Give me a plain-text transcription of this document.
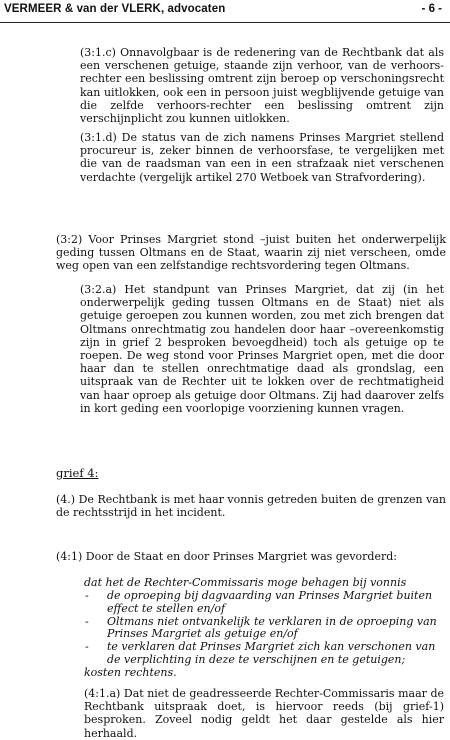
VERMEER & van der VLERK, advocaten	- 6 -

(3:1.c) Onnavolgbaar is de redenering van de Rechtbank dat als een verschenen getuige, staande zijn verhoor, van de verhoors-rechter een beslissing omtrent zijn beroep op verschoningsrecht kan uitlokken, ook een in persoon juist wegblijvende getuige van die zelfde verhoors-rechter een beslissing omtrent zijn verschijnplicht zou kunnen uitlokken.

(3:1.d) De status van de zich namens Prinses Margriet stellend procureur is, zeker binnen de verhoorsfase, te vergelijken met die van de raadsman van een in een strafzaak niet verschenen verdachte (vergelijk artikel 270 Wetboek van Strafvordering).

(3:2) Voor Prinses Margriet stond –juist buiten het onderwerpelijk geding tussen Oltmans en de Staat, waarin zij niet verscheen, omde weg open van een zelfstandige rechtsvordering tegen Oltmans.

(3:2.a) Het standpunt van Prinses Margriet, dat zij (in het onderwerpelijk geding tussen Oltmans en de Staat) niet als getuige geroepen zou kunnen worden, zou met zich brengen dat Oltmans onrechtmatig zou handelen door haar –overeenkomstig zijn in grief 2 besproken bevoegdheid) toch als getuige op te roepen. De weg stond voor Prinses Margriet open, met die door haar dan te stellen onrechtmatige daad als grondslag, een uitspraak van de Rechter uit te lokken over de rechtmatigheid van haar oproep als getuige door Oltmans. Zij had daarover zelfs in kort geding een voorlopige voorziening kunnen vragen.

grief 4:

(4.) De Rechtbank is met haar vonnis getreden buiten de grenzen van de rechtsstrijd in het incident.

(4:1) Door de Staat en door Prinses Margriet was gevorderd:

dat het de Rechter-Commissaris moge behagen bij vonnis

- de oproeping bij dagvaarding van Prinses Margriet buiten effect te stellen en/of
- Oltmans niet ontvankelijk te verklaren in de oproeping van Prinses Margriet als getuige en/of
- te verklaren dat Prinses Margriet zich kan verschonen van de verplichting in deze te verschijnen en te getuigen;

kosten rechtens.

(4:1.a) Dat niet de geadresseerde Rechter-Commissaris maar de Rechtbank uitspraak doet, is hiervoor reeds (bij grief-1) besproken. Zoveel nodig geldt het daar gestelde als hier herhaald.
